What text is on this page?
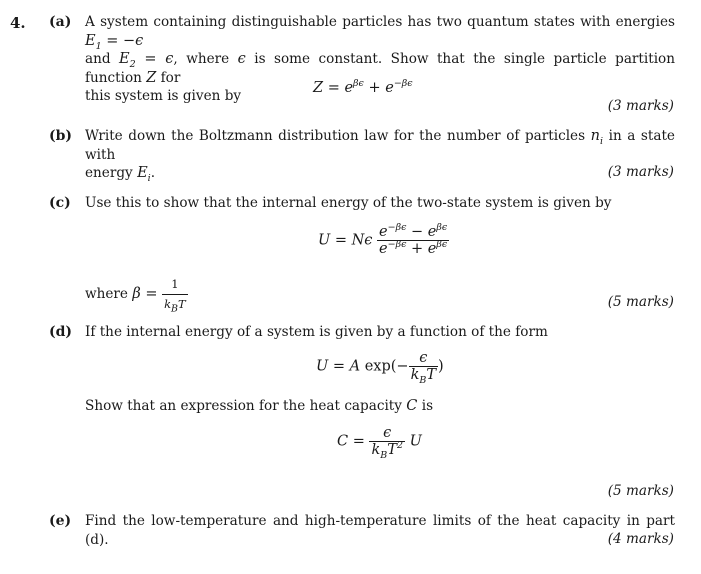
4. (a) A system containing distinguishable particles has two quantum states with energies $E_1 = -\epsilon$
and $E_2 = \epsilon$, where ϵ is some constant. Show that the single particle partition function Z for
this system is given by	$Z = e^{\beta\epsilon} + e^{-\beta\epsilon}$
(3 marks)
(b) Write down the Boltzmann distribution law for the number of particles $n_i$ in a state with
energy $E_i$.	(3 marks)
(c) Use this to show that the internal energy of the two-state system is given by
U = Nϵ $\frac{e^{-\beta\epsilon} - e^{\beta\epsilon}}{e^{-\beta\epsilon} + e^{\beta\epsilon}}$
where $\beta = \frac{1}{k_BT}$	(5 marks)
(d) If the internal energy of a system is given by a function of the form
U = A $\exp(- \frac{\epsilon}{k_BT}$ )
Show that an expression for the heat capacity C is
$C = \frac{\epsilon}{k_BT^2}$ U
(5 marks)
(e) Find the low-temperature and high-temperature limits of the heat capacity in part (d).	(4 marks)
